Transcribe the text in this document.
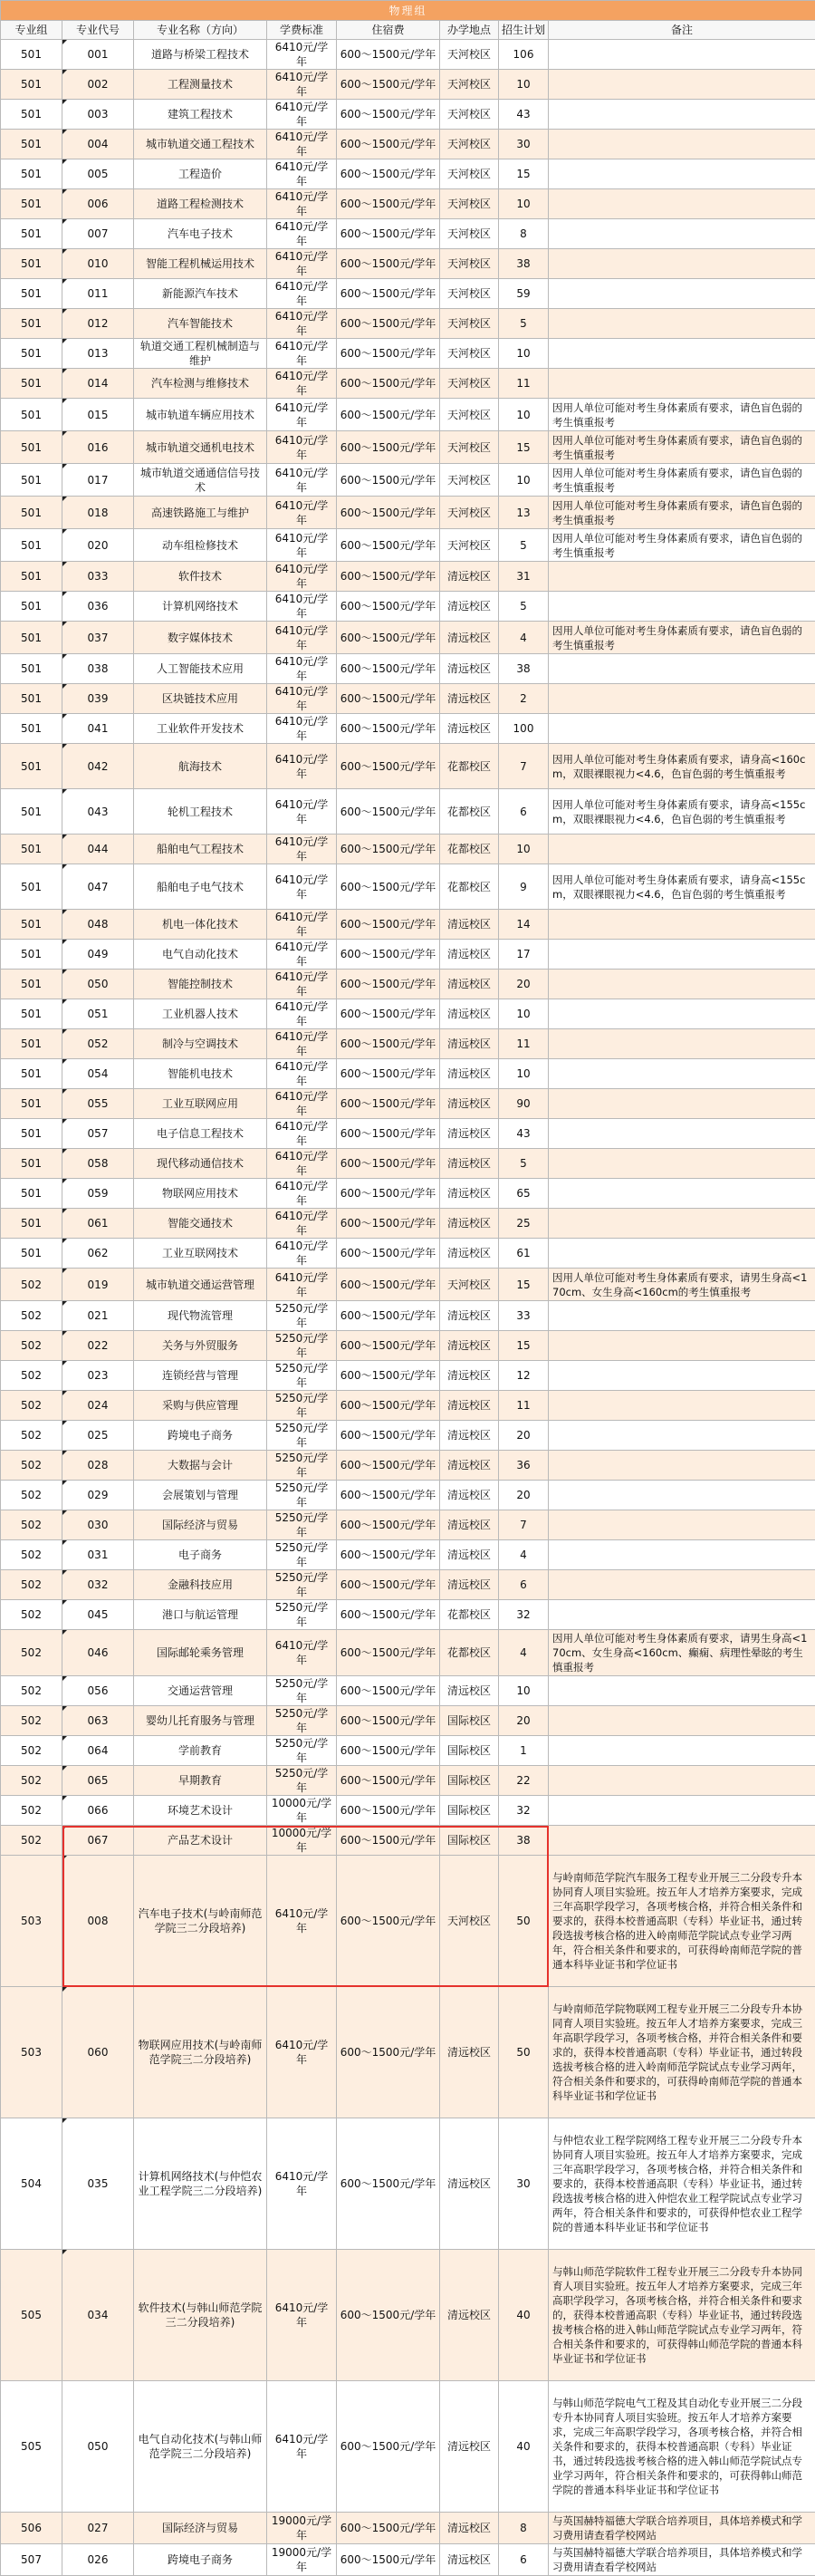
物理组							
专业组	专业代号	专业名称（方向）	学费标准	住宿费	办学地点	招生计划	备注
501	001	道路与桥梁工程技术	6410元/学年	600～1500元/学年	天河校区	106	
501	002	工程测量技术	6410元/学年	600～1500元/学年	天河校区	10	
501	003	建筑工程技术	6410元/学年	600～1500元/学年	天河校区	43	
501	004	城市轨道交通工程技术	6410元/学年	600～1500元/学年	天河校区	30	
501	005	工程造价	6410元/学年	600～1500元/学年	天河校区	15	
501	006	道路工程检测技术	6410元/学年	600～1500元/学年	天河校区	10	
501	007	汽车电子技术	6410元/学年	600～1500元/学年	天河校区	8	
501	010	智能工程机械运用技术	6410元/学年	600～1500元/学年	天河校区	38	
501	011	新能源汽车技术	6410元/学年	600～1500元/学年	天河校区	59	
501	012	汽车智能技术	6410元/学年	600～1500元/学年	天河校区	5	
501	013	轨道交通工程机械制造与维护	6410元/学年	600～1500元/学年	天河校区	10	
501	014	汽车检测与维修技术	6410元/学年	600～1500元/学年	天河校区	11	
501	015	城市轨道车辆应用技术	6410元/学年	600～1500元/学年	天河校区	10	因用人单位可能对考生身体素质有要求，请色盲色弱的考生慎重报考
501	016	城市轨道交通机电技术	6410元/学年	600～1500元/学年	天河校区	15	因用人单位可能对考生身体素质有要求，请色盲色弱的考生慎重报考
501	017	城市轨道交通通信信号技术	6410元/学年	600～1500元/学年	天河校区	10	因用人单位可能对考生身体素质有要求，请色盲色弱的考生慎重报考
501	018	高速铁路施工与维护	6410元/学年	600～1500元/学年	天河校区	13	因用人单位可能对考生身体素质有要求，请色盲色弱的考生慎重报考
501	020	动车组检修技术	6410元/学年	600～1500元/学年	天河校区	5	因用人单位可能对考生身体素质有要求，请色盲色弱的考生慎重报考
501	033	软件技术	6410元/学年	600～1500元/学年	清远校区	31	
501	036	计算机网络技术	6410元/学年	600～1500元/学年	清远校区	5	
501	037	数字媒体技术	6410元/学年	600～1500元/学年	清远校区	4	因用人单位可能对考生身体素质有要求，请色盲色弱的考生慎重报考
501	038	人工智能技术应用	6410元/学年	600～1500元/学年	清远校区	38	
501	039	区块链技术应用	6410元/学年	600～1500元/学年	清远校区	2	
501	041	工业软件开发技术	6410元/学年	600～1500元/学年	清远校区	100	
501	042	航海技术	6410元/学年	600～1500元/学年	花都校区	7	因用人单位可能对考生身体素质有要求，请身高<160cm，双眼裸眼视力<4.6，色盲色弱的考生慎重报考
501	043	轮机工程技术	6410元/学年	600～1500元/学年	花都校区	6	因用人单位可能对考生身体素质有要求，请身高<155cm，双眼裸眼视力<4.6，色盲色弱的考生慎重报考
501	044	船舶电气工程技术	6410元/学年	600～1500元/学年	花都校区	10	
501	047	船舶电子电气技术	6410元/学年	600～1500元/学年	花都校区	9	因用人单位可能对考生身体素质有要求，请身高<155cm，双眼裸眼视力<4.6，色盲色弱的考生慎重报考
501	048	机电一体化技术	6410元/学年	600～1500元/学年	清远校区	14	
501	049	电气自动化技术	6410元/学年	600～1500元/学年	清远校区	17	
501	050	智能控制技术	6410元/学年	600～1500元/学年	清远校区	20	
501	051	工业机器人技术	6410元/学年	600～1500元/学年	清远校区	10	
501	052	制冷与空调技术	6410元/学年	600～1500元/学年	清远校区	11	
501	054	智能机电技术	6410元/学年	600～1500元/学年	清远校区	10	
501	055	工业互联网应用	6410元/学年	600～1500元/学年	清远校区	90	
501	057	电子信息工程技术	6410元/学年	600～1500元/学年	清远校区	43	
501	058	现代移动通信技术	6410元/学年	600～1500元/学年	清远校区	5	
501	059	物联网应用技术	6410元/学年	600～1500元/学年	清远校区	65	
501	061	智能交通技术	6410元/学年	600～1500元/学年	清远校区	25	
501	062	工业互联网技术	6410元/学年	600～1500元/学年	清远校区	61	
502	019	城市轨道交通运营管理	6410元/学年	600～1500元/学年	天河校区	15	因用人单位可能对考生身体素质有要求，请男生身高<170cm、女生身高<160cm的考生慎重报考
502	021	现代物流管理	5250元/学年	600～1500元/学年	清远校区	33	
502	022	关务与外贸服务	5250元/学年	600～1500元/学年	清远校区	15	
502	023	连锁经营与管理	5250元/学年	600～1500元/学年	清远校区	12	
502	024	采购与供应管理	5250元/学年	600～1500元/学年	清远校区	11	
502	025	跨境电子商务	5250元/学年	600～1500元/学年	清远校区	20	
502	028	大数据与会计	5250元/学年	600～1500元/学年	清远校区	36	
502	029	会展策划与管理	5250元/学年	600～1500元/学年	清远校区	20	
502	030	国际经济与贸易	5250元/学年	600～1500元/学年	清远校区	7	
502	031	电子商务	5250元/学年	600～1500元/学年	清远校区	4	
502	032	金融科技应用	5250元/学年	600～1500元/学年	清远校区	6	
502	045	港口与航运管理	5250元/学年	600～1500元/学年	花都校区	32	
502	046	国际邮轮乘务管理	6410元/学年	600～1500元/学年	花都校区	4	因用人单位可能对考生身体素质有要求，请男生身高<170cm、女生身高<160cm、癫痫、病理性晕眩的考生慎重报考
502	056	交通运营管理	5250元/学年	600～1500元/学年	清远校区	10	
502	063	婴幼儿托育服务与管理	5250元/学年	600～1500元/学年	国际校区	20	
502	064	学前教育	5250元/学年	600～1500元/学年	国际校区	1	
502	065	早期教育	5250元/学年	600～1500元/学年	国际校区	22	
502	066	环境艺术设计	10000元/学年	600～1500元/学年	国际校区	32	
502	067	产品艺术设计	10000元/学年	600～1500元/学年	国际校区	38	
503	008	汽车电子技术(与岭南师范学院三二分段培养)	6410元/学年	600～1500元/学年	天河校区	50	与岭南师范学院汽车服务工程专业开展三二分段专升本协同育人项目实验班。按五年人才培养方案要求，完成三年高职学段学习，各项考核合格，并符合相关条件和要求的，获得本校普通高职（专科）毕业证书，通过转段选拔考核合格的进入岭南师范学院试点专业学习两年，符合相关条件和要求的，可获得岭南师范学院的普通本科毕业证书和学位证书
503	060	物联网应用技术(与岭南师范学院三二分段培养)	6410元/学年	600～1500元/学年	清远校区	50	与岭南师范学院物联网工程专业开展三二分段专升本协同育人项目实验班。按五年人才培养方案要求，完成三年高职学段学习，各项考核合格，并符合相关条件和要求的，获得本校普通高职（专科）毕业证书，通过转段选拔考核合格的进入岭南师范学院试点专业学习两年，符合相关条件和要求的，可获得岭南师范学院的普通本科毕业证书和学位证书
504	035	计算机网络技术(与仲恺农业工程学院三二分段培养)	6410元/学年	600～1500元/学年	清远校区	30	与仲恺农业工程学院网络工程专业开展三二分段专升本协同育人项目实验班。按五年人才培养方案要求，完成三年高职学段学习，各项考核合格，并符合相关条件和要求的，获得本校普通高职（专科）毕业证书，通过转段选拔考核合格的进入仲恺农业工程学院试点专业学习两年，符合相关条件和要求的，可获得仲恺农业工程学院的普通本科毕业证书和学位证书
505	034	软件技术(与韩山师范学院三二分段培养)	6410元/学年	600～1500元/学年	清远校区	40	与韩山师范学院软件工程专业开展三二分段专升本协同育人项目实验班。按五年人才培养方案要求，完成三年高职学段学习，各项考核合格，并符合相关条件和要求的，获得本校普通高职（专科）毕业证书，通过转段选拔考核合格的进入韩山师范学院试点专业学习两年，符合相关条件和要求的，可获得韩山师范学院的普通本科毕业证书和学位证书
505	050	电气自动化技术(与韩山师范学院三二分段培养)	6410元/学年	600～1500元/学年	清远校区	40	与韩山师范学院电气工程及其自动化专业开展三二分段专升本协同育人项目实验班。按五年人才培养方案要求，完成三年高职学段学习，各项考核合格，并符合相关条件和要求的，获得本校普通高职（专科）毕业证书，通过转段选拔考核合格的进入韩山师范学院试点专业学习两年，符合相关条件和要求的，可获得韩山师范学院的普通本科毕业证书和学位证书
506	027	国际经济与贸易	19000元/学年	600～1500元/学年	清远校区	8	与英国赫特福德大学联合培养项目，具体培养模式和学习费用请查看学校网站
507	026	跨境电子商务	19000元/学年	600～1500元/学年	清远校区	6	与英国赫特福德大学联合培养项目，具体培养模式和学习费用请查看学校网站
